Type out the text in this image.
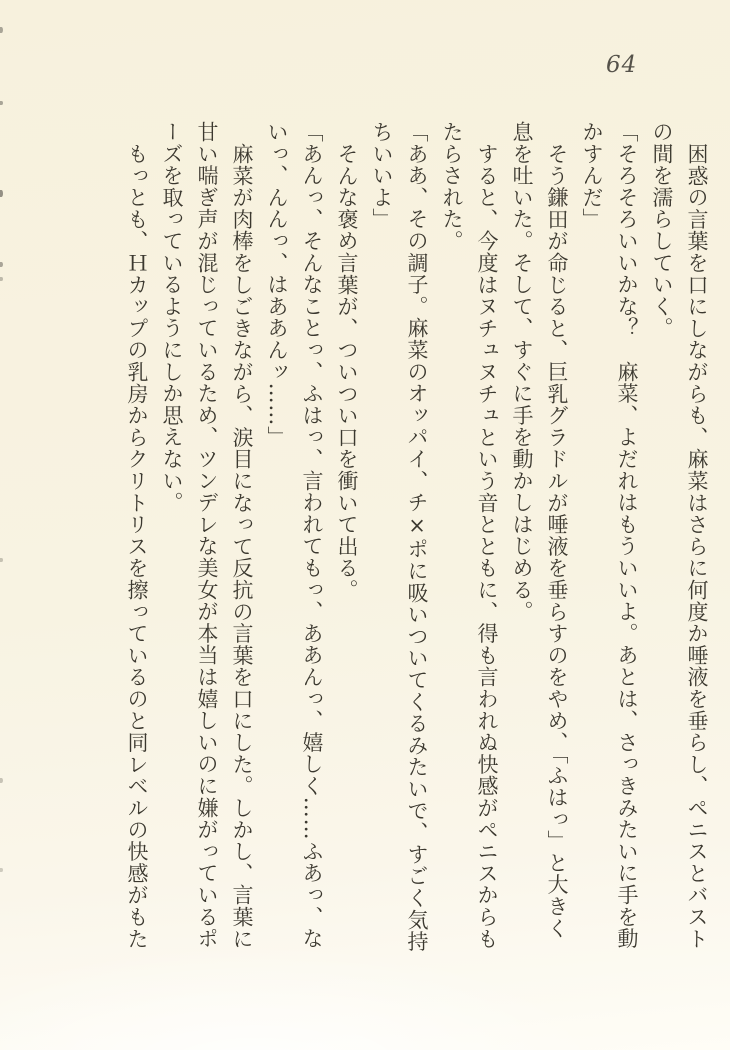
64
困惑の言葉を口にしながらも、麻菜はさらに何度か唾液を垂らし、ペニスとバスト
の間を濡らしていく。
「そろそろいいかな？　麻菜、よだれはもういいよ。あとは、さっきみたいに手を動
かすんだ」
そう鎌田が命じると、巨乳グラドルが唾液を垂らすのをやめ、「ふはっ」と大きく
息を吐いた。そして、すぐに手を動かしはじめる。
すると、今度はヌチュヌチュという音とともに、得も言われぬ快感がペニスからも
たらされた。
「ああ、その調子。麻菜のオッパイ、チ×ポに吸いついてくるみたいで、すごく気持
ちいいよ」
そんな褒め言葉が、ついつい口を衝いて出る。
「あんっ、そんなことっ、ふはっ、言われてもっ、ああんっ、嬉しく……ふあっ、な
いっ、んんっ、はああんッ……」
麻菜が肉棒をしごきながら、涙目になって反抗の言葉を口にした。しかし、言葉に
甘い喘ぎ声が混じっているため、ツンデレな美女が本当は嬉しいのに嫌がっているポ
ーズを取っているようにしか思えない。
もっとも、Ｈカップの乳房からクリトリスを擦っているのと同レベルの快感がもた
